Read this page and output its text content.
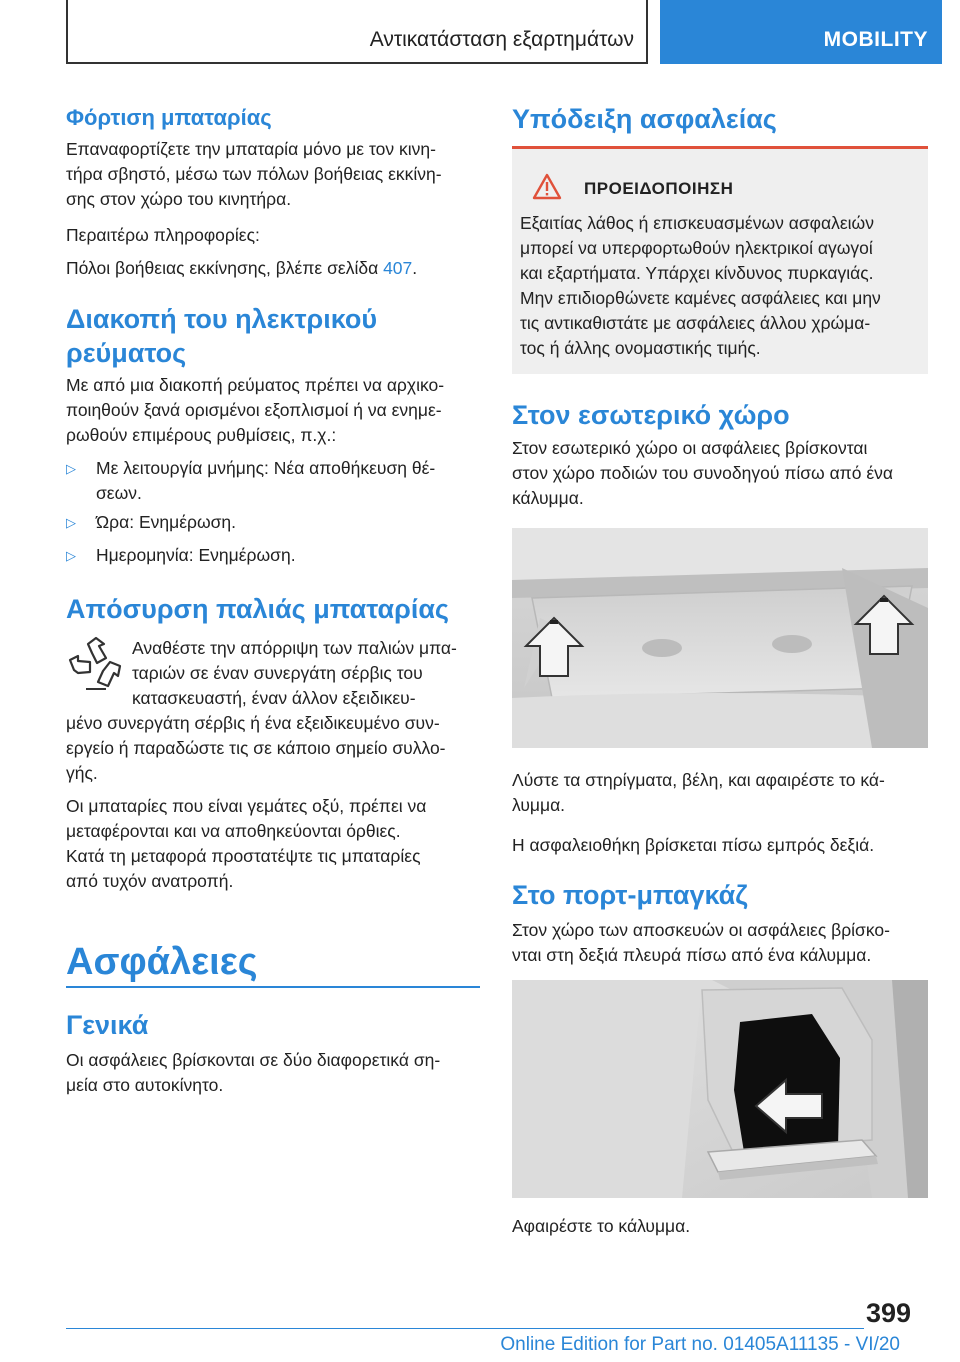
Αντικατάσταση εξαρτημάτων	MOBILITY
Φόρτιση μπαταρίας
Επαναφορτίζετε την μπαταρία μόνο με τον κινη-
τήρα σβηστό, μέσω των πόλων βοήθειας εκκίνη-
σης στον χώρο του κινητήρα.
Περαιτέρω πληροφορίες:
Πόλοι βοήθειας εκκίνησης, βλέπε σελίδα 407.
Διακοπή του ηλεκτρικού
ρεύματος
Με από μια διακοπή ρεύματος πρέπει να αρχικο-
ποιηθούν ξανά ορισμένοι εξοπλισμοί ή να ενημε-
ρωθούν επιμέρους ρυθμίσεις, π.χ.:
▷ Με λειτουργία μνήμης: Νέα αποθήκευση θέ-
σεων.
▷ Ώρα: Ενημέρωση.
▷ Ημερομηνία: Ενημέρωση.
Απόσυρση παλιάς μπαταρίας
Αναθέστε την απόρριψη των παλιών μπα-
ταριών σε έναν συνεργάτη σέρβις του
κατασκευαστή, έναν άλλον εξειδικευ-
μένο συνεργάτη σέρβις ή ένα εξειδικευμένο συν-
εργείο ή παραδώστε τις σε κάποιο σημείο συλλο-
γής.
Οι μπαταρίες που είναι γεμάτες οξύ, πρέπει να
μεταφέρονται και να αποθηκεύονται όρθιες.
Κατά τη μεταφορά προστατέψτε τις μπαταρίες
από τυχόν ανατροπή.
Ασφάλειες
Γενικά
Οι ασφάλειες βρίσκονται σε δύο διαφορετικά ση-
μεία στο αυτοκίνητο.
Υπόδειξη ασφαλείας
ΠΡΟΕΙΔΟΠΟΙΗΣΗ
Εξαιτίας λάθος ή επισκευασμένων ασφαλειών
μπορεί να υπερφορτωθούν ηλεκτρικοί αγωγοί
και εξαρτήματα. Υπάρχει κίνδυνος πυρκαγιάς.
Μην επιδιορθώνετε καμένες ασφάλειες και μην
τις αντικαθιστάτε με ασφάλειες άλλου χρώμα-
τος ή άλλης ονομαστικής τιμής.
Στον εσωτερικό χώρο
Στον εσωτερικό χώρο οι ασφάλειες βρίσκονται
στον χώρο ποδιών του συνοδηγού πίσω από ένα
κάλυμμα.
Λύστε τα στηρίγματα, βέλη, και αφαιρέστε το κά-
λυμμα.
Η ασφαλειοθήκη βρίσκεται πίσω εμπρός δεξιά.
Στο πορτ-μπαγκάζ
Στον χώρο των αποσκευών οι ασφάλειες βρίσκο-
νται στη δεξιά πλευρά πίσω από ένα κάλυμμα.
Αφαιρέστε το κάλυμμα.
399
Online Edition for Part no. 01405A11135 - VI/20
